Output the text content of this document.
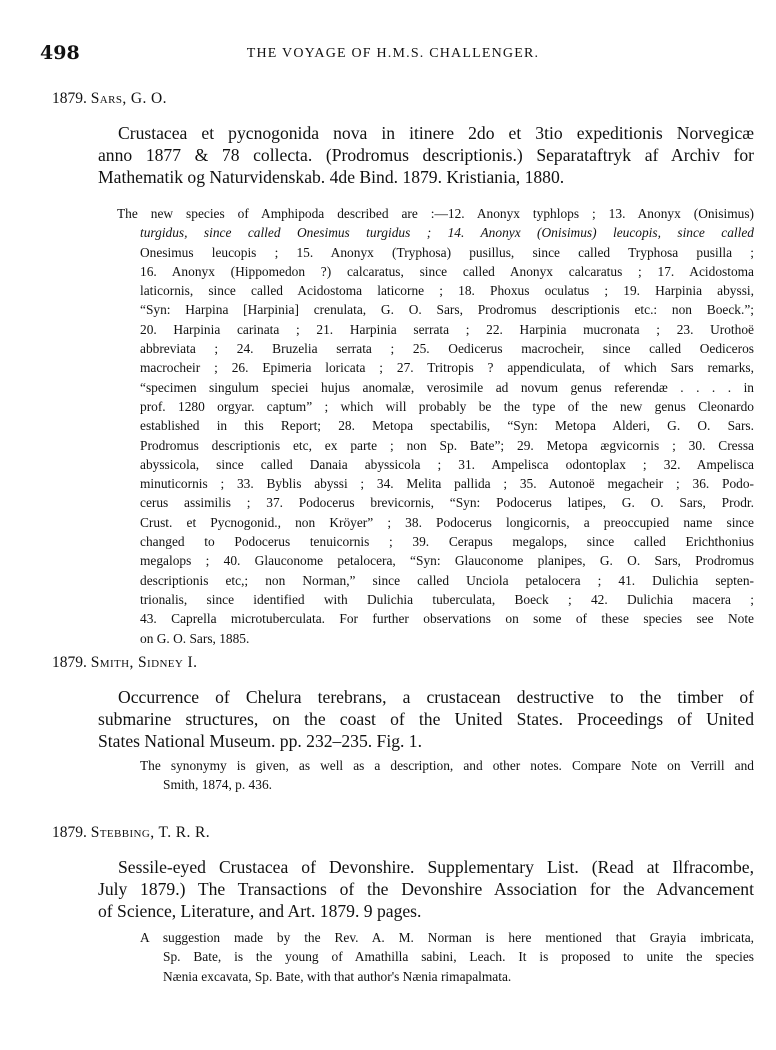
498	THE VOYAGE OF H.M.S. CHALLENGER.
1879. Sars, G. O.
Crustacea et pycnogonida nova in itinere 2do et 3tio expeditionis Norvegicæ
anno 1877 & 78 collecta. (Prodromus descriptionis.) Separataftryk af Archiv for
Mathematik og Naturvidenskab. 4de Bind. 1879. Kristiania, 1880.
The new species of Amphipoda described are :—12. Anonyx typhlops ; 13. Anonyx (Onisimus)
turgidus, since called Onesimus turgidus ; 14. Anonyx (Onisimus) leucopis, since called
Onesimus leucopis ; 15. Anonyx (Tryphosa) pusillus, since called Tryphosa pusilla ;
16. Anonyx (Hippomedon ?) calcaratus, since called Anonyx calcaratus ; 17. Acidostoma
laticornis, since called Acidostoma laticorne ; 18. Phoxus oculatus ; 19. Harpinia abyssi,
“Syn: Harpina [Harpinia] crenulata, G. O. Sars, Prodromus descriptionis etc.: non Boeck.”;
20. Harpinia carinata ; 21. Harpinia serrata ; 22. Harpinia mucronata ; 23. Urothoë
abbreviata ; 24. Bruzelia serrata ; 25. Oedicerus macrocheir, since called Oediceros
macrocheir ; 26. Epimeria loricata ; 27. Tritropis ? appendiculata, of which Sars remarks,
“specimen singulum speciei hujus anomalæ, verosimile ad novum genus referendæ . . . . in
prof. 1280 orgyar. captum” ; which will probably be the type of the new genus Cleonardo
established in this Report; 28. Metopa spectabilis, “Syn: Metopa Alderi, G. O. Sars.
Prodromus descriptionis etc, ex parte ; non Sp. Bate”; 29. Metopa ægvicornis ; 30. Cressa
abyssicola, since called Danaia abyssicola ; 31. Ampelisca odontoplax ; 32. Ampelisca
minuticornis ; 33. Byblis abyssi ; 34. Melita pallida ; 35. Autonoë megacheir ; 36. Podo-
cerus assimilis ; 37. Podocerus brevicornis, “Syn: Podocerus latipes, G. O. Sars, Prodr.
Crust. et Pycnogonid., non Kröyer” ; 38. Podocerus longicornis, a preoccupied name since
changed to Podocerus tenuicornis ; 39. Cerapus megalops, since called Erichthonius
megalops ; 40. Glauconome petalocera, “Syn: Glauconome planipes, G. O. Sars, Prodromus
descriptionis etc,; non Norman,” since called Unciola petalocera ; 41. Dulichia septen-
trionalis, since identified with Dulichia tuberculata, Boeck ; 42. Dulichia macera ;
43. Caprella microtuberculata. For further observations on some of these species see Note
on G. O. Sars, 1885.
1879. Smith, Sidney I.
Occurrence of Chelura terebrans, a crustacean destructive to the timber of
submarine structures, on the coast of the United States. Proceedings of United
States National Museum. pp. 232–235. Fig. 1.
The synonymy is given, as well as a description, and other notes. Compare Note on Verrill and
Smith, 1874, p. 436.
1879. Stebbing, T. R. R.
Sessile-eyed Crustacea of Devonshire. Supplementary List. (Read at Ilfracombe,
July 1879.) The Transactions of the Devonshire Association for the Advancement
of Science, Literature, and Art. 1879. 9 pages.
A suggestion made by the Rev. A. M. Norman is here mentioned that Grayia imbricata,
Sp. Bate, is the young of Amathilla sabini, Leach. It is proposed to unite the species
Nænia excavata, Sp. Bate, with that author's Nænia rimapalmata.
